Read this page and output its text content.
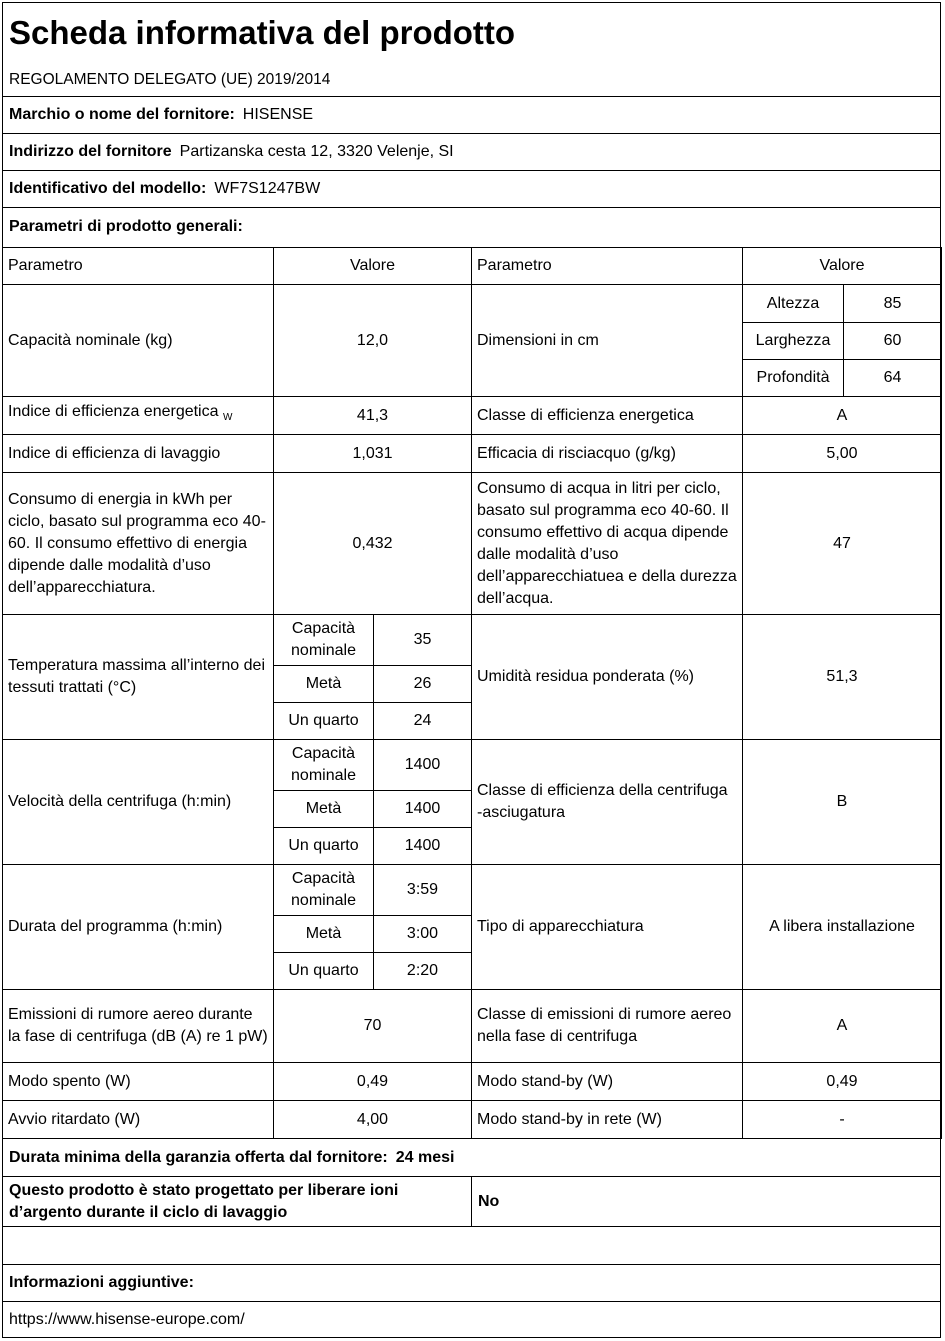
Scheda informativa del prodotto
REGOLAMENTO DELEGATO (UE) 2019/2014
Marchio o nome del fornitore: HISENSE
Indirizzo del fornitore Partizanska cesta 12, 3320 Velenje, SI
Identificativo del modello: WF7S1247BW
Parametri di prodotto generali:
Parametro	Valore		Parametro	Valore	
Capacità nominale (kg)	12,0		Dimensioni in cm	Altezza	85
				Larghezza	60
				Profondità	64
Indice di efficienza energetica $_W$	41,3		Classe di efficienza energetica	A	
Indice di efficienza di lavaggio	1,031		Efficacia di risciacquo (g/kg)	5,00	
Consumo di energia in kWh per ciclo, basato sul programma eco 40-60. Il consumo effettivo di energia dipende dalle modalità d’uso dell’apparecchiatura.	0,432		Consumo di acqua in litri per ciclo, basato sul programma eco 40-60. Il consumo effettivo di acqua dipende dalle modalità d’uso dell’apparecchiatuea e della durezza dell’acqua.	47	
Temperatura massima all’interno dei tessuti trattati (°C)	Capacità nominale	35	Umidità residua ponderata (%)	51,3	
	Metà	26			
	Un quarto	24			
Velocità della centrifuga (h:min)	Capacità nominale	1400	Classe di efficienza della centrifuga -asciugatura	B	
	Metà	1400			
	Un quarto	1400			
Durata del programma (h:min)	Capacità nominale	3:59	Tipo di apparecchiatura	A libera installazione	
	Metà	3:00			
	Un quarto	2:20			
Emissioni di rumore aereo durante la fase di centrifuga (dB (A) re 1 pW)	70		Classe di emissioni di rumore aereo nella fase di centrifuga	A	
Modo spento (W)	0,49		Modo stand-by (W)	0,49	
Avvio ritardato (W)	4,00		Modo stand-by in rete (W)	-	
Durata minima della garanzia offerta dal fornitore: 24 mesi
Questo prodotto è stato progettato per liberare ioni d’argento durante il ciclo di lavaggio
No
Informazioni aggiuntive:
https://www.hisense-europe.com/
